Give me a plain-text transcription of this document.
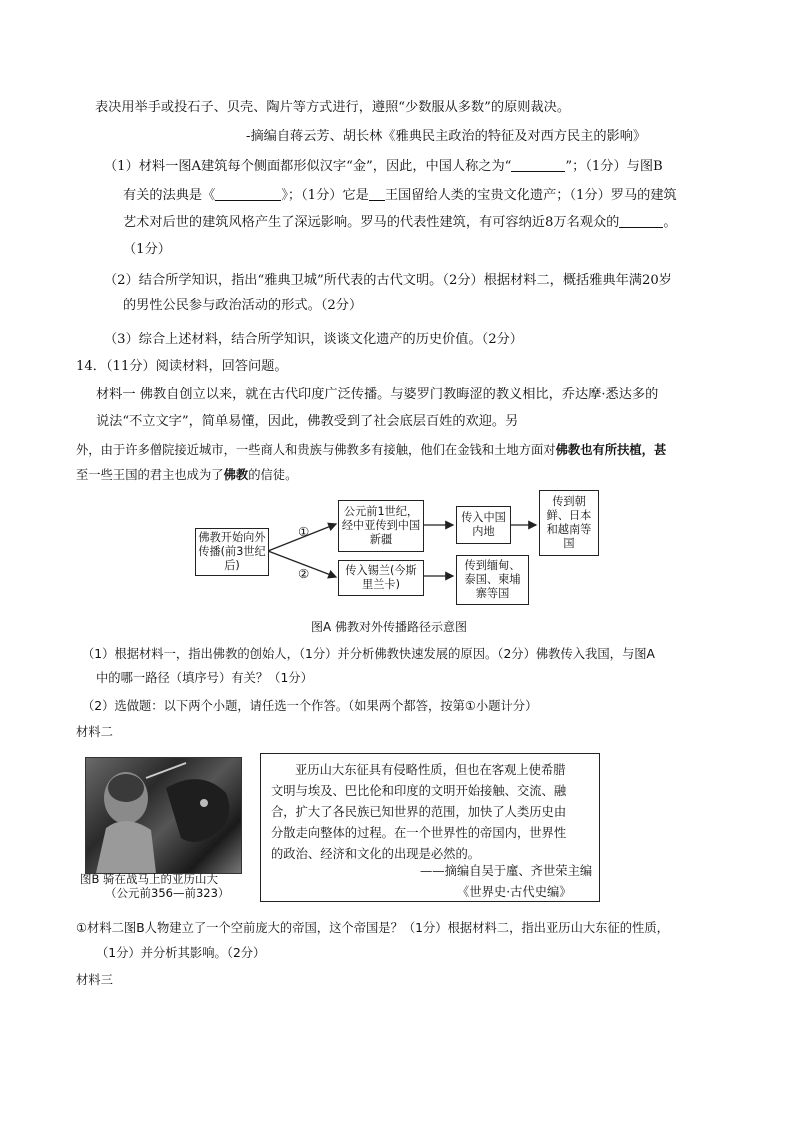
表决用举手或投石子、贝壳、陶片等方式进行，遵照“少数服从多数”的原则裁决。
-摘编自蒋云芳、胡长林《雅典民主政治的特征及对西方民主的影响》
（1）材料一图A建筑每个侧面都形似汉字“金”，因此，中国人称之为“	”；（1分）与图B
有关的法典是《	》；（1分）它是 王国留给人类的宝贵文化遗产；（1分）罗马的建筑
艺术对后世的建筑风格产生了深远影响。罗马的代表性建筑，有可容纳近8万名观众的	。
（1分）
（2）结合所学知识，指出“雅典卫城”所代表的古代文明。（2分）根据材料二，概括雅典年满20岁
的男性公民参与政治活动的形式。（2分）
（3）综合上述材料，结合所学知识，谈谈文化遗产的历史价值。（2分）
14．（11分）阅读材料，回答问题。
材料一 佛教自创立以来，就在古代印度广泛传播。与婆罗门教晦涩的教义相比，乔达摩·悉达多的
说法“不立文字”，简单易懂，因此，佛教受到了社会底层百姓的欢迎。另
外，由于许多僧院接近城市，一些商人和贵族与佛教多有接触，他们在金钱和土地方面对佛教也有所扶植，甚
至一些王国的君主也成为了佛教的信徒。
佛教开始向外传播(前3世纪后)
①
②
公元前1世纪，经中亚传到中国新疆
传入中国内地
传到朝鲜、日本和越南等国
传入锡兰(今斯里兰卡)
传到缅甸、泰国、柬埔寨等国
图A 佛教对外传播路径示意图
（1）根据材料一，指出佛教的创始人，（1分）并分析佛教快速发展的原因。（2分）佛教传入我国，与图A
中的哪一路径（填序号）有关？（1分）
（2）选做题：以下两个小题，请任选一个作答。（如果两个都答，按第①小题计分）
材料二
图B 骑在战马上的亚历山大
（公元前356—前323）

亚历山大东征具有侵略性质，但也在客观上使希腊

文明与埃及、巴比伦和印度的文明开始接触、交流、融

合，扩大了各民族已知世界的范围，加快了人类历史由

分散走向整体的过程。在一个世界性的帝国内，世界性

的政治、经济和文化的出现是必然的。

——摘编自吴于廑、齐世荣主编
《世界史·古代史编》
①材料二图B人物建立了一个空前庞大的帝国，这个帝国是？（1分）根据材料二，指出亚历山大东征的性质，
（1分）并分析其影响。（2分）
材料三
